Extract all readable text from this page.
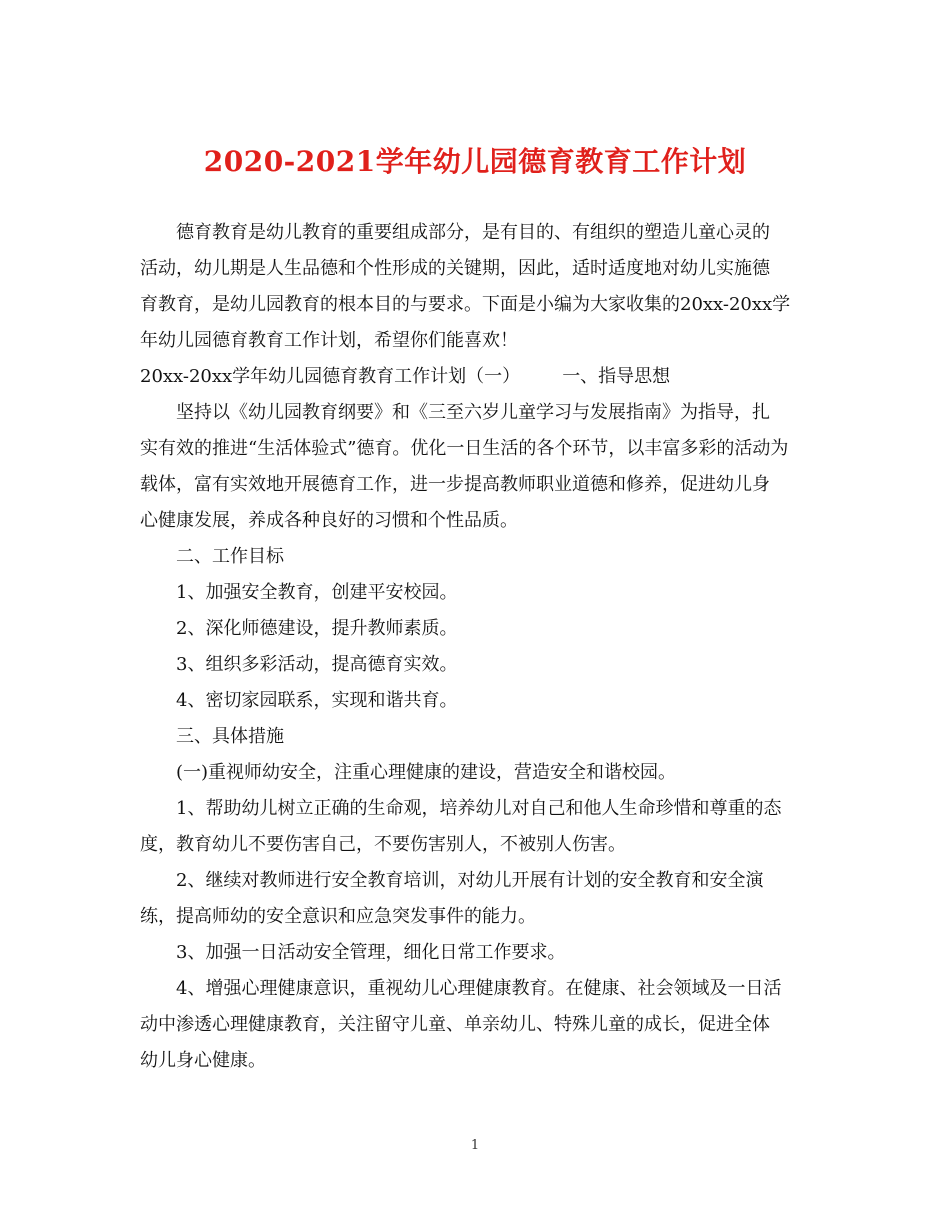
2020-2021学年幼儿园德育教育工作计划
德育教育是幼儿教育的重要组成部分，是有目的、有组织的塑造儿童心灵的
活动，幼儿期是人生品德和个性形成的关键期，因此，适时适度地对幼儿实施德
育教育，是幼儿园教育的根本目的与要求。下面是小编为大家收集的20xx-20xx学
年幼儿园德育教育工作计划，希望你们能喜欢！
20xx-20xx学年幼儿园德育教育工作计划（一） 一、指导思想
坚持以《幼儿园教育纲要》和《三至六岁儿童学习与发展指南》为指导，扎
实有效的推进“生活体验式”德育。优化一日生活的各个环节，以丰富多彩的活动为
载体，富有实效地开展德育工作，进一步提高教师职业道德和修养，促进幼儿身
心健康发展，养成各种良好的习惯和个性品质。
二、工作目标
1、加强安全教育，创建平安校园。
2、深化师德建设，提升教师素质。
3、组织多彩活动，提高德育实效。
4、密切家园联系，实现和谐共育。
三、具体措施
(一)重视师幼安全，注重心理健康的建设，营造安全和谐校园。
1、帮助幼儿树立正确的生命观，培养幼儿对自己和他人生命珍惜和尊重的态
度，教育幼儿不要伤害自己，不要伤害别人，不被别人伤害。
2、继续对教师进行安全教育培训，对幼儿开展有计划的安全教育和安全演
练，提高师幼的安全意识和应急突发事件的能力。
3、加强一日活动安全管理，细化日常工作要求。
4、增强心理健康意识，重视幼儿心理健康教育。在健康、社会领域及一日活
动中渗透心理健康教育，关注留守儿童、单亲幼儿、特殊儿童的成长，促进全体
幼儿身心健康。
1
